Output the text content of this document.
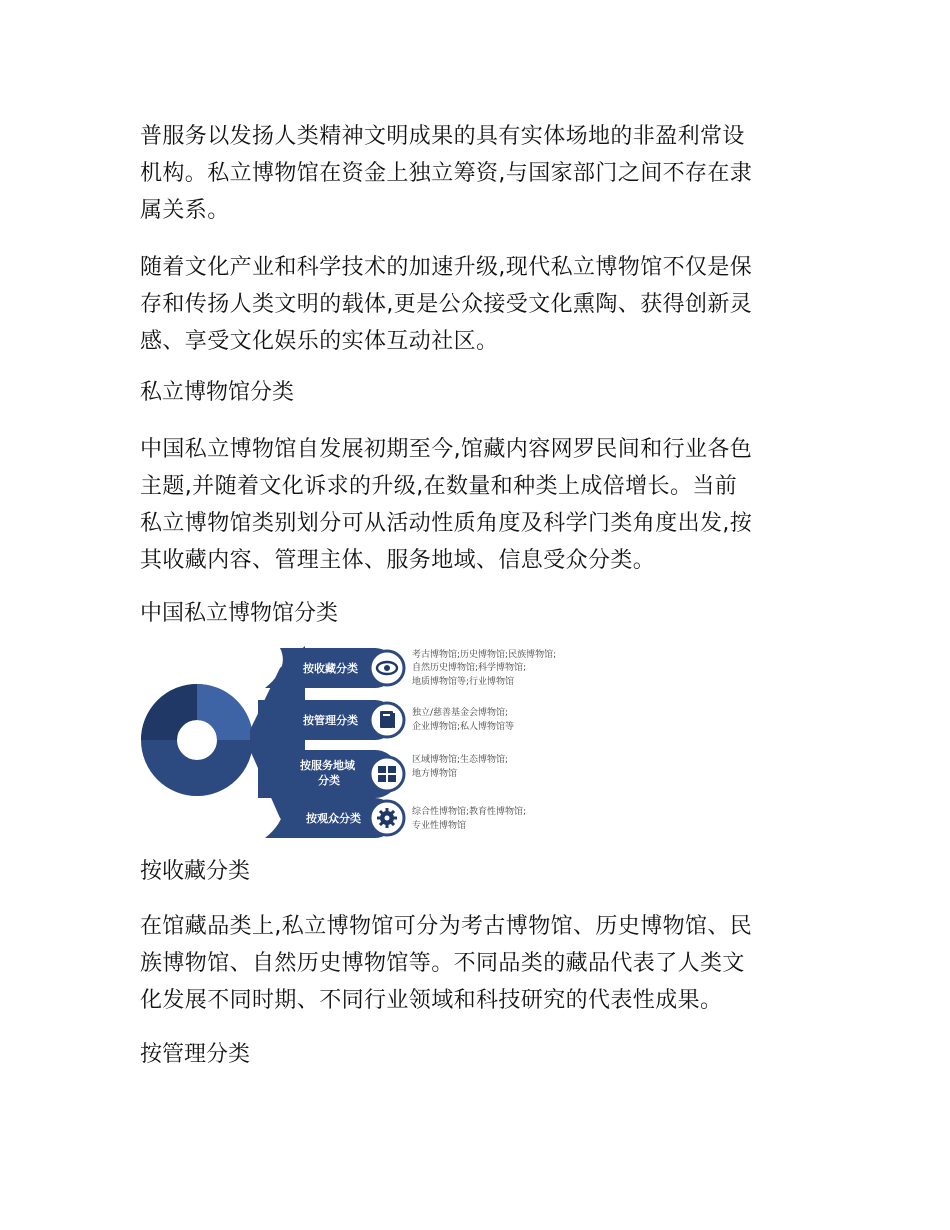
普服务以发扬人类精神文明成果的具有实体场地的非盈利常设
机构。私立博物馆在资金上独立筹资,与国家部门之间不存在隶
属关系。

随着文化产业和科学技术的加速升级,现代私立博物馆不仅是保
存和传扬人类文明的载体,更是公众接受文化熏陶、获得创新灵
感、享受文化娱乐的实体互动社区。

私立博物馆分类

中国私立博物馆自发展初期至今,馆藏内容网罗民间和行业各色
主题,并随着文化诉求的升级,在数量和种类上成倍增长。当前
私立博物馆类别划分可从活动性质角度及科学门类角度出发,按
其收藏内容、管理主体、服务地域、信息受众分类。

中国私立博物馆分类
按收藏分类
按管理分类
按服务地域
分类
按观众分类
考古博物馆;历史博物馆;民族博物馆;
自然历史博物馆;科学博物馆;
地质博物馆等;行业博物馆
独立/慈善基金会博物馆;
企业博物馆;私人博物馆等
区域博物馆;生态博物馆;
地方博物馆
综合性博物馆;教育性博物馆;
专业性博物馆
按收藏分类

在馆藏品类上,私立博物馆可分为考古博物馆、历史博物馆、民
族博物馆、自然历史博物馆等。不同品类的藏品代表了人类文
化发展不同时期、不同行业领域和科技研究的代表性成果。

按管理分类
